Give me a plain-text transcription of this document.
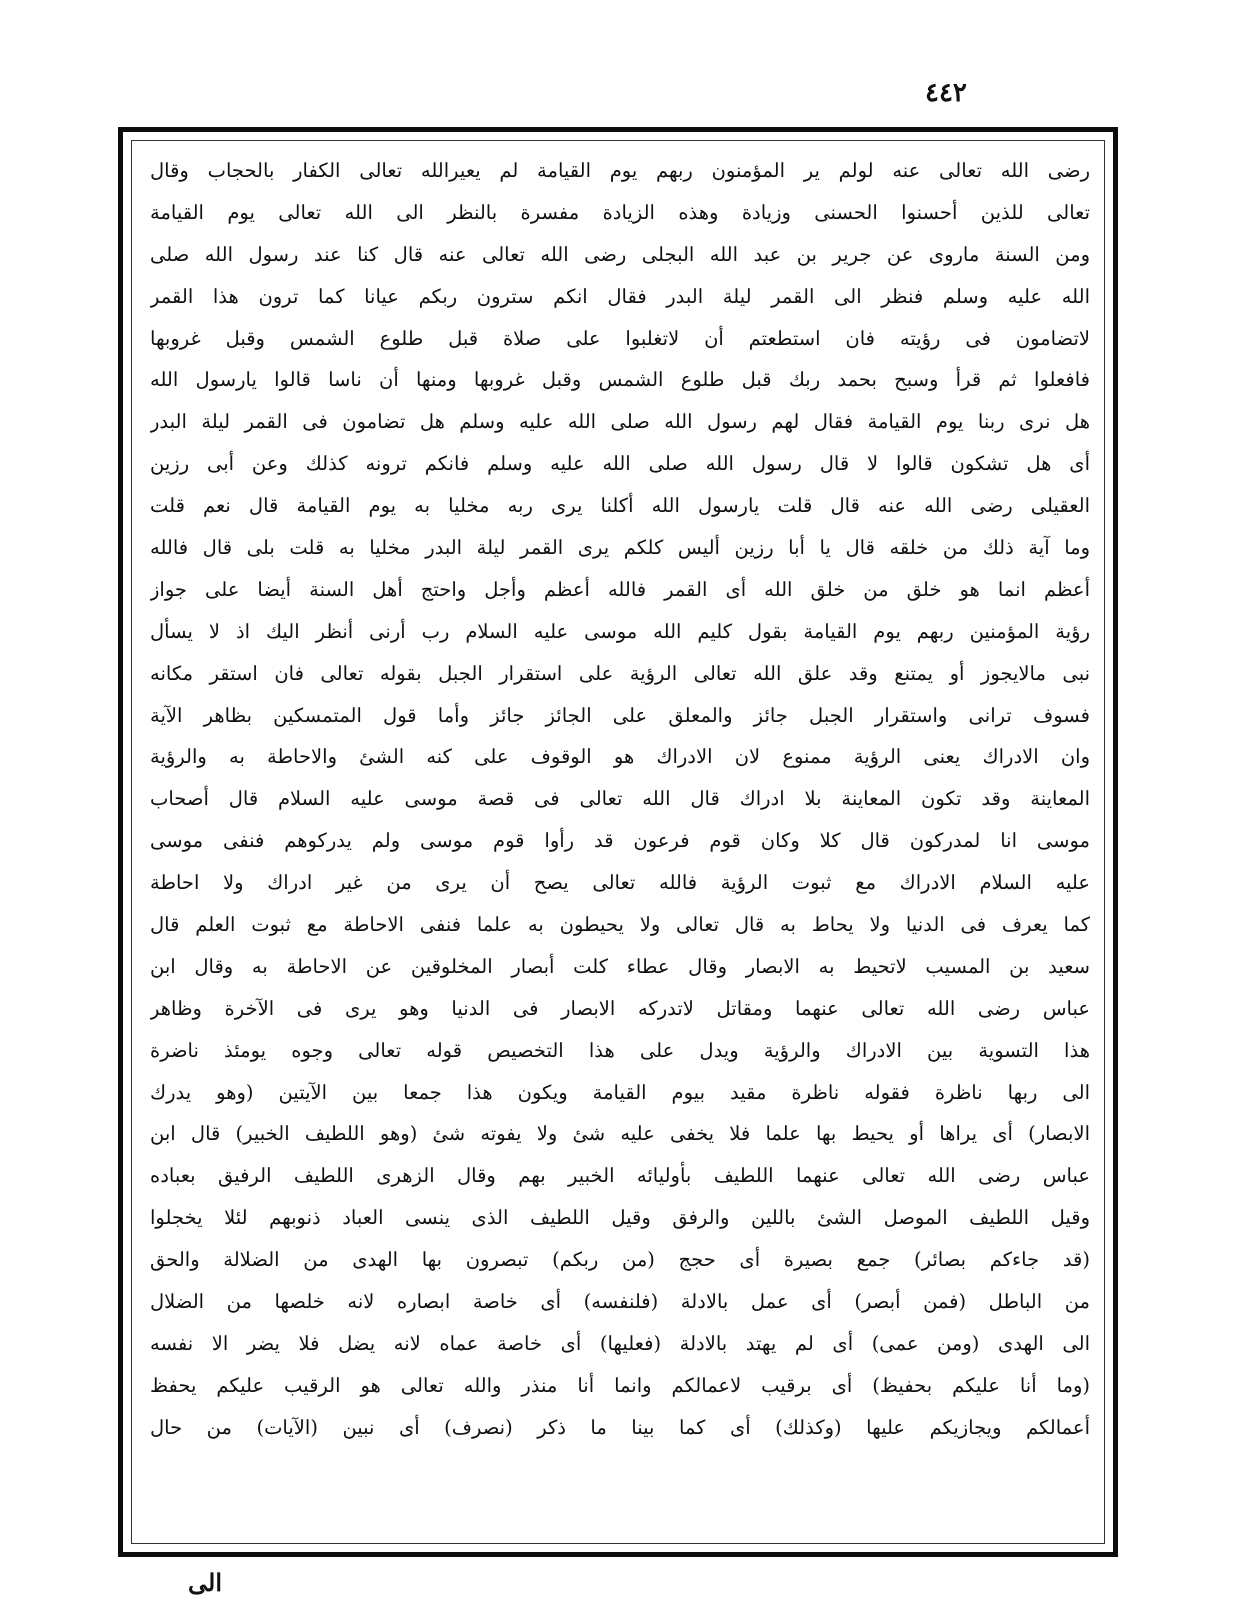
٤٤٢
رضى الله تعالى عنه لولم ير المؤمنون ربهم يوم القيامة لم يعيرالله تعالى الكفار بالحجاب وقال
تعالى للذين أحسنوا الحسنى وزيادة وهذه الزيادة مفسرة بالنظر الى الله تعالى يوم القيامة
ومن السنة ماروى عن جرير بن عبد الله البجلى رضى الله تعالى عنه قال كنا عند رسول الله صلى
الله عليه وسلم فنظر الى القمر ليلة البدر فقال انكم سترون ربكم عيانا كما ترون هذا القمر
لاتضامون فى رؤيته فان استطعتم أن لاتغلبوا على صلاة قبل طلوع الشمس وقبل غروبها
فافعلوا ثم قرأ وسبح بحمد ربك قبل طلوع الشمس وقبل غروبها ومنها أن ناسا قالوا يارسول الله
هل نرى ربنا يوم القيامة فقال لهم رسول الله صلى الله عليه وسلم هل تضامون فى القمر ليلة البدر
أى هل تشكون قالوا لا قال رسول الله صلى الله عليه وسلم فانكم ترونه كذلك وعن أبى رزين
العقيلى رضى الله عنه قال قلت يارسول الله أكلنا يرى ربه مخليا به يوم القيامة قال نعم قلت
وما آية ذلك من خلقه قال يا أبا رزين أليس كلكم يرى القمر ليلة البدر مخليا به قلت بلى قال فالله
أعظم انما هو خلق من خلق الله أى القمر فالله أعظم وأجل واحتج أهل السنة أيضا على جواز
رؤية المؤمنين ربهم يوم القيامة بقول كليم الله موسى عليه السلام رب أرنى أنظر اليك اذ لا يسأل
نبى مالايجوز أو يمتنع وقد علق الله تعالى الرؤية على استقرار الجبل بقوله تعالى فان استقر مكانه
فسوف ترانى واستقرار الجبل جائز والمعلق على الجائز جائز وأما قول المتمسكين بظاهر الآية
وان الادراك يعنى الرؤية ممنوع لان الادراك هو الوقوف على كنه الشئ والاحاطة به والرؤية
المعاينة وقد تكون المعاينة بلا ادراك قال الله تعالى فى قصة موسى عليه السلام قال أصحاب
موسى انا لمدركون قال كلا وكان قوم فرعون قد رأوا قوم موسى ولم يدركوهم فنفى موسى
عليه السلام الادراك مع ثبوت الرؤية فالله تعالى يصح أن يرى من غير ادراك ولا احاطة
كما يعرف فى الدنيا ولا يحاط به قال تعالى ولا يحيطون به علما فنفى الاحاطة مع ثبوت العلم قال
سعيد بن المسيب لاتحيط به الابصار وقال عطاء كلت أبصار المخلوقين عن الاحاطة به وقال ابن
عباس رضى الله تعالى عنهما ومقاتل لاتدركه الابصار فى الدنيا وهو يرى فى الآخرة وظاهر
هذا التسوية بين الادراك والرؤية ويدل على هذا التخصيص قوله تعالى وجوه يومئذ ناضرة
الى ربها ناظرة فقوله ناظرة مقيد بيوم القيامة ويكون هذا جمعا بين الآيتين (وهو يدرك
الابصار) أى يراها أو يحيط بها علما فلا يخفى عليه شئ ولا يفوته شئ (وهو اللطيف الخبير) قال ابن
عباس رضى الله تعالى عنهما اللطيف بأوليائه الخبير بهم وقال الزهرى اللطيف الرفيق بعباده
وقيل اللطيف الموصل الشئ باللين والرفق وقيل اللطيف الذى ينسى العباد ذنوبهم لئلا يخجلوا
(قد جاءكم بصائر) جمع بصيرة أى حجج (من ربكم) تبصرون بها الهدى من الضلالة والحق
من الباطل (فمن أبصر) أى عمل بالادلة (فلنفسه) أى خاصة ابصاره لانه خلصها من الضلال
الى الهدى (ومن عمى) أى لم يهتد بالادلة (فعليها) أى خاصة عماه لانه يضل فلا يضر الا نفسه
(وما أنا عليكم بحفيظ) أى برقيب لاعمالكم وانما أنا منذر والله تعالى هو الرقيب عليكم يحفظ
أعمالكم ويجازيكم عليها (وكذلك) أى كما بينا ما ذكر (نصرف) أى نبين (الآيات) من حال
الى
